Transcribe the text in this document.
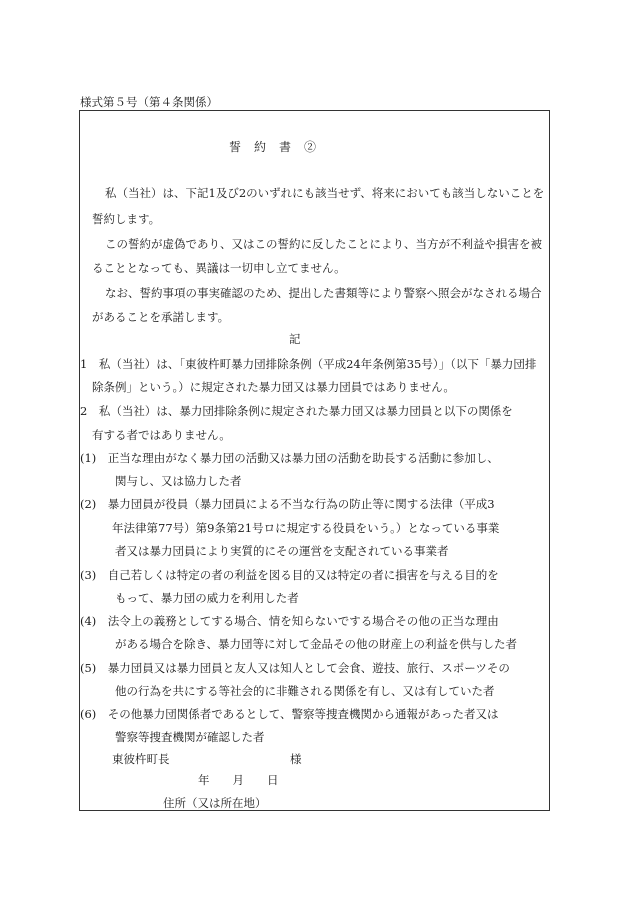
様式第５号（第４条関係）
誓　約　書　②
私（当社）は、下記1及び2のいずれにも該当せず、将来においても該当しないことを
誓約します。
この誓約が虚偽であり、又はこの誓約に反したことにより、当方が不利益や損害を被
ることとなっても、異議は一切申し立てません。
なお、誓約事項の事実確認のため、提出した書類等により警察へ照会がなされる場合
があることを承諾します。
記
1　私（当社）は、「東彼杵町暴力団排除条例（平成24年条例第35号）」（以下「暴力団排
除条例」という。）に規定された暴力団又は暴力団員ではありません。
2　私（当社）は、暴力団排除条例に規定された暴力団又は暴力団員と以下の関係を
有する者ではありません。
(1)　正当な理由がなく暴力団の活動又は暴力団の活動を助長する活動に参加し、
関与し、又は協力した者
(2)　暴力団員が役員（暴力団員による不当な行為の防止等に関する法律（平成3
年法律第77号）第9条第21号ロに規定する役員をいう。）となっている事業
者又は暴力団員により実質的にその運営を支配されている事業者
(3)　自己若しくは特定の者の利益を図る目的又は特定の者に損害を与える目的を
もって、暴力団の威力を利用した者
(4)　法令上の義務としてする場合、情を知らないでする場合その他の正当な理由
がある場合を除き、暴力団等に対して金品その他の財産上の利益を供与した者
(5)　暴力団員又は暴力団員と友人又は知人として会食、遊技、旅行、スポーツその
他の行為を共にする等社会的に非難される関係を有し、又は有していた者
(6)　その他暴力団関係者であるとして、警察等捜査機関から通報があった者又は
警察等捜査機関が確認した者
東彼杵町長	様
年　　月　　日
住所（又は所在地）
